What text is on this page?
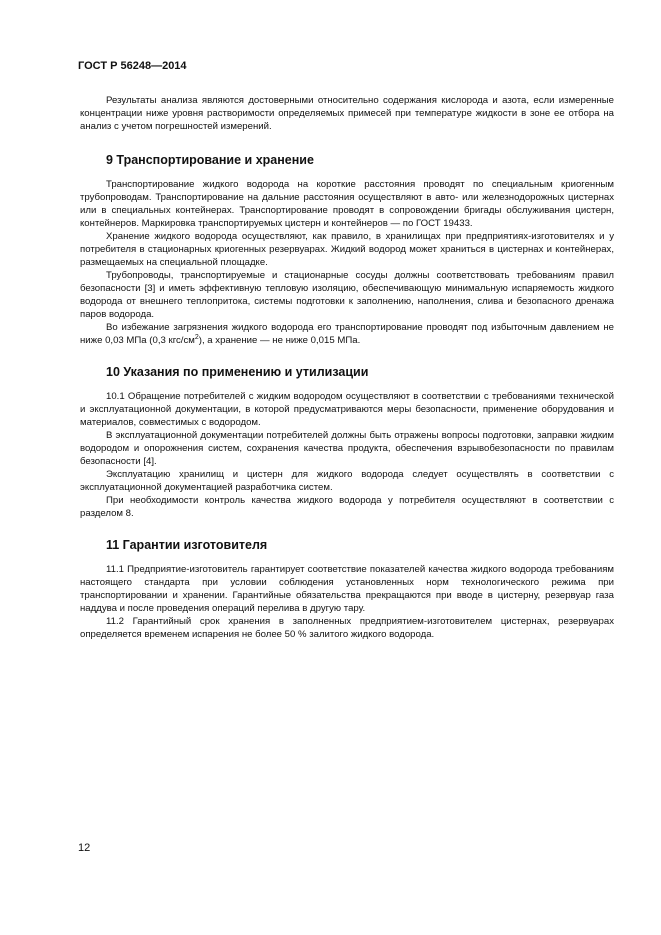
ГОСТ Р 56248—2014

Результаты анализа являются достоверными относительно содержания кислорода и азота, если измеренные концентрации ниже уровня растворимости определяемых примесей при температуре жидкости в зоне ее отбора на анализ с учетом погрешностей измерений.

9 Транспортирование и хранение

Транспортирование жидкого водорода на короткие расстояния проводят по специальным криогенным трубопроводам. Транспортирование на дальние расстояния осуществляют в авто- или железнодорожных цистернах или в специальных контейнерах. Транспортирование проводят в сопровождении бригады обслуживания цистерн, контейнеров. Маркировка транспортируемых цистерн и контейнеров — по ГОСТ 19433.

Хранение жидкого водорода осуществляют, как правило, в хранилищах при предприятиях-изготовителях и у потребителя в стационарных криогенных резервуарах. Жидкий водород может храниться в цистернах и контейнерах, размещаемых на специальной площадке.

Трубопроводы, транспортируемые и стационарные сосуды должны соответствовать требованиям правил безопасности [3] и иметь эффективную тепловую изоляцию, обеспечивающую минимальную испаряемость жидкого водорода от внешнего теплопритока, системы подготовки к заполнению, наполнения, слива и безопасного дренажа паров водорода.

Во избежание загрязнения жидкого водорода его транспортирование проводят под избыточным давлением не ниже 0,03 МПа (0,3 кгс/$см^2$), а хранение — не ниже 0,015 МПа.

10 Указания по применению и утилизации

10.1 Обращение потребителей с жидким водородом осуществляют в соответствии с требованиями технической и эксплуатационной документации, в которой предусматриваются меры безопасности, применение оборудования и материалов, совместимых с водородом.

В эксплуатационной документации потребителей должны быть отражены вопросы подготовки, заправки жидким водородом и опорожнения систем, сохранения качества продукта, обеспечения взрывобезопасности по правилам безопасности [4].

Эксплуатацию хранилищ и цистерн для жидкого водорода следует осуществлять в соответствии с эксплуатационной документацией разработчика систем.

При необходимости контроль качества жидкого водорода у потребителя осуществляют в соответствии с разделом 8.

11 Гарантии изготовителя

11.1 Предприятие-изготовитель гарантирует соответствие показателей качества жидкого водорода требованиям настоящего стандарта при условии соблюдения установленных норм технологического режима при транспортировании и хранении. Гарантийные обязательства прекращаются при вводе в цистерну, резервуар газа наддува и после проведения операций перелива в другую тару.

11.2 Гарантийный срок хранения в заполненных предприятием-изготовителем цистернах, резервуарах определяется временем испарения не более 50 % залитого жидкого водорода.

12
